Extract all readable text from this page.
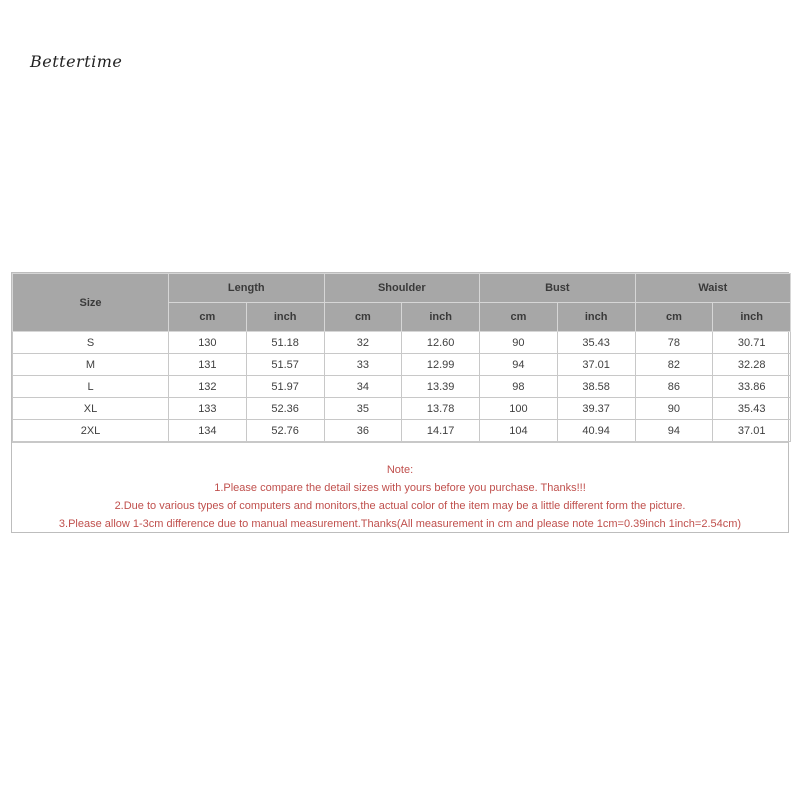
Bettertime
Size	Length		Shoulder		Bust		Waist	
	cm	inch	cm	inch	cm	inch	cm	inch
S	130	51.18	32	12.60	90	35.43	78	30.71
M	131	51.57	33	12.99	94	37.01	82	32.28
L	132	51.97	34	13.39	98	38.58	86	33.86
XL	133	52.36	35	13.78	100	39.37	90	35.43
2XL	134	52.76	36	14.17	104	40.94	94	37.01
Note:
1.Please compare the detail sizes with yours before you purchase. Thanks!!!
2.Due to various types of computers and monitors,the actual color of the item may be a little different form the picture.
3.Please allow 1-3cm difference due to manual measurement.Thanks(All measurement in cm and please note 1cm=0.39inch 1inch=2.54cm)
